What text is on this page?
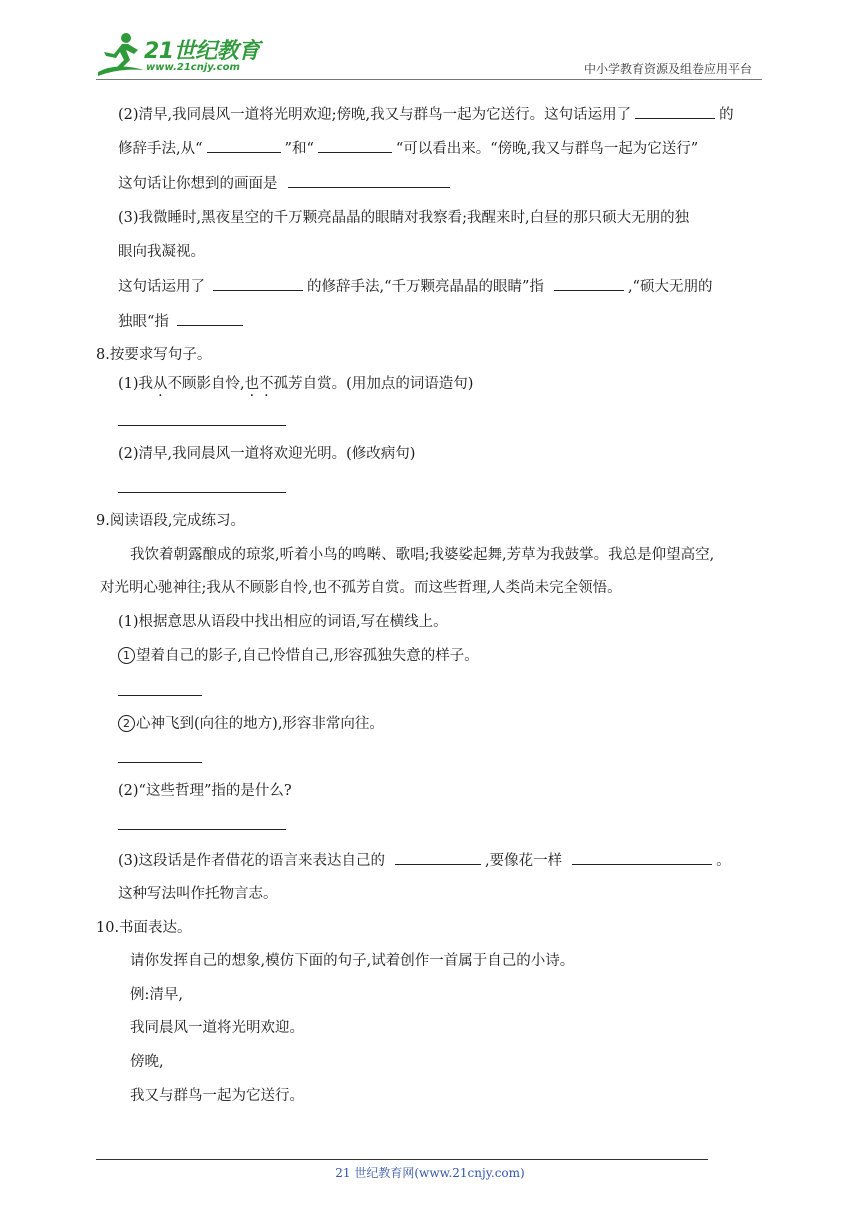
21世纪教育
www.21cnjy.com	中小学教育资源及组卷应用平台
(2)清早,我同晨风一道将光明欢迎;傍晚,我又与群鸟一起为它送行。这句话运用了	的
修辞手法,从“	”和“	“可以看出来。“傍晚,我又与群鸟一起为它送行”
这句话让你想到的画面是
(3)我微睡时,黑夜星空的千万颗亮晶晶的眼睛对我察看;我醒来时,白昼的那只硕大无朋的独
眼向我凝视。
这句话运用了	的修辞手法,“千万颗亮晶晶的眼睛”指	,“硕大无朋的
独眼“指
8.按要求写句子。
(1)我从不顾影自怜,也不孤芳自赏。(用加点的词语造句)
(2)清早,我同晨风一道将欢迎光明。(修改病句)
9.阅读语段,完成练习。
我饮着朝露酿成的琼浆,听着小鸟的鸣啭、歌唱;我婆娑起舞,芳草为我鼓掌。我总是仰望高空,
对光明心驰神往;我从不顾影自怜,也不孤芳自赏。而这些哲理,人类尚未完全领悟。
(1)根据意思从语段中找出相应的词语,写在横线上。
1 望着自己的影子,自己怜惜自己,形容孤独失意的样子。
2 心神飞到(向往的地方),形容非常向往。
(2)“这些哲理”指的是什么?
(3)这段话是作者借花的语言来表达自己的	,要像花一样	。
这种写法叫作托物言志。
10.书面表达。
请你发挥自己的想象,模仿下面的句子,试着创作一首属于自己的小诗。
例:清早,
我同晨风一道将光明欢迎。
傍晚,
我又与群鸟一起为它送行。
21 世纪教育网(www.21cnjy.com)
